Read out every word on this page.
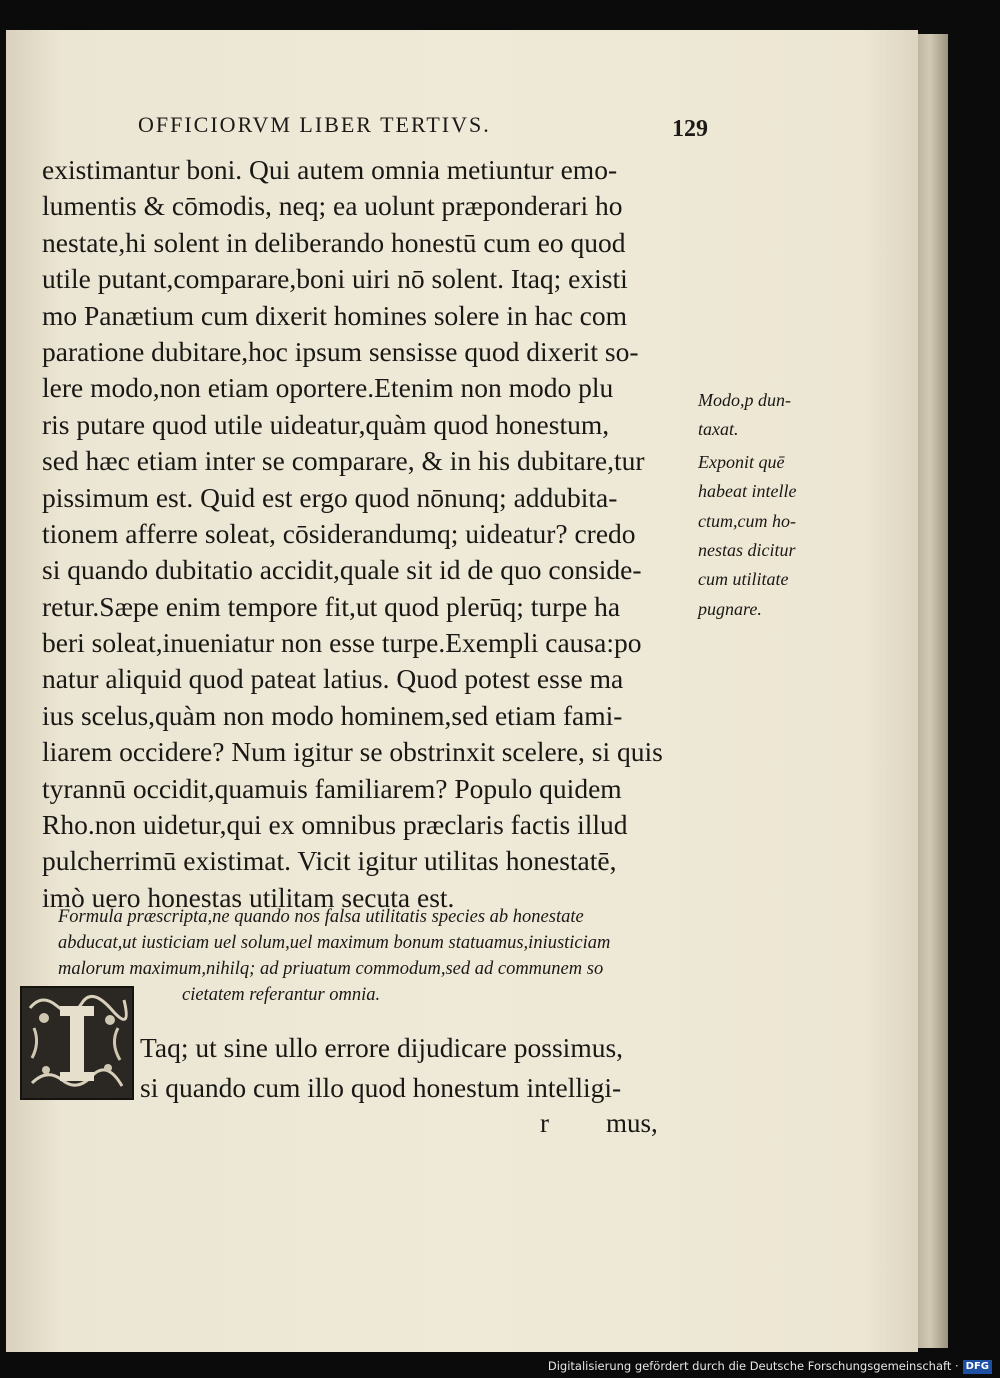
OFFICIORVM LIBER TERTIVS.	129
existimantur boni. Qui autem omnia metiuntur emo-
lumentis & cōmodis, neq; ea uolunt præponderari ho
nestate,hi solent in deliberando honestū cum eo quod
utile putant,comparare,boni uiri nō solent. Itaq; existi
mo Panætium cum dixerit homines solere in hac com
paratione dubitare,hoc ipsum sensisse quod dixerit so-
lere modo,non etiam oportere.Etenim non modo plu
ris putare quod utile uideatur,quàm quod honestum,
sed hæc etiam inter se comparare, & in his dubitare,tur
pissimum est. Quid est ergo quod nōnunq; addubita-
tionem afferre soleat, cōsiderandumq; uideatur? credo
si quando dubitatio accidit,quale sit id de quo conside-
retur.Sæpe enim tempore fit,ut quod plerūq; turpe ha
beri soleat,inueniatur non esse turpe.Exempli causa:po
natur aliquid quod pateat latius. Quod potest esse ma
ius scelus,quàm non modo hominem,sed etiam fami-
liarem occidere? Num igitur se obstrinxit scelere, si quis
tyrannū occidit,quamuis familiarem? Populo quidem
Rho.non uidetur,qui ex omnibus præclaris factis illud
pulcherrimū existimat. Vicit igitur utilitas honestatē,
imò uero honestas utilitam secuta est.
Modo,p dun-
taxat.
Exponit quē
habeat intelle
ctum,cum ho-
nestas dicitur
cum utilitate
pugnare.
Formula præscripta,ne quando nos falsa utilitatis species ab honestate
abducat,ut iusticiam uel solum,uel maximum bonum statuamus,iniusticiam
malorum maximum,nihilq; ad priuatum commodum,sed ad communem so
cietatem referantur omnia.
Taq; ut sine ullo errore dijudicare possimus,
si quando cum illo quod honestum intelligi-
r mus,
Digitalisierung gefördert durch die Deutsche Forschungsgemeinschaft · DFG
